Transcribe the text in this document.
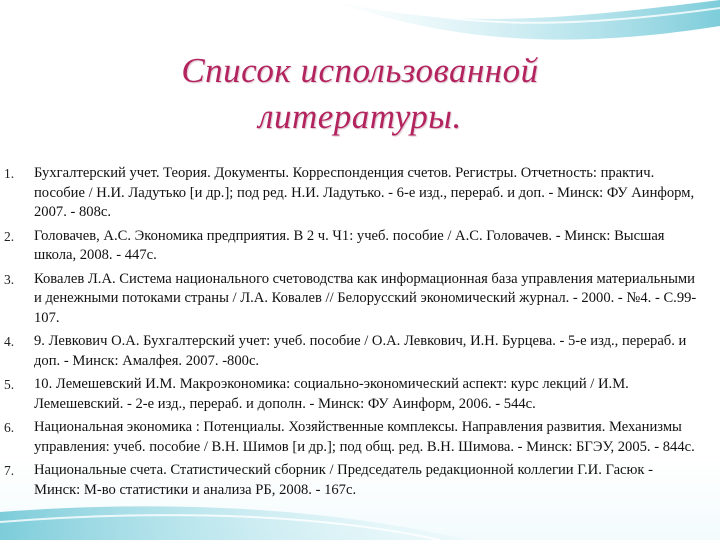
Список использованной
литературы.
1. Бухгалтерский учет. Теория. Документы. Корреспонденция счетов. Регистры. Отчетность: практич. пособие / Н.И. Ладутько [и др.]; под ред. Н.И. Ладутько. - 6-е изд., перераб. и доп. - Минск: ФУ Аинформ, 2007. - 808с.
2. Головачев, А.С. Экономика предприятия. В 2 ч. Ч1: учеб. пособие / А.С. Головачев. - Минск: Высшая школа, 2008. - 447с.
3. Ковалев Л.А. Система национального счетоводства как информационная база управления материальными и денежными потоками страны / Л.А. Ковалев // Белорусский экономический журнал. - 2000. - №4. - С.99-107.
4. 9. Левкович О.А. Бухгалтерский учет: учеб. пособие / О.А. Левкович, И.Н. Бурцева. - 5-е изд., перераб. и доп. - Минск: Амалфея. 2007. -800с.
5. 10. Лемешевский И.М. Макроэкономика: социально-экономический аспект: курс лекций / И.М. Лемешевский. - 2-е изд., перераб. и дополн. - Минск: ФУ Аинформ, 2006. - 544с.
6. Национальная экономика : Потенциалы. Хозяйственные комплексы. Направления развития. Механизмы управления: учеб. пособие / В.Н. Шимов [и др.]; под общ. ред. В.Н. Шимова. - Минск: БГЭУ, 2005. - 844с.
7. Национальные счета. Статистический сборник / Председатель редакционной коллегии Г.И. Гасюк - Минск: М-во статистики и анализа РБ, 2008. - 167с.
